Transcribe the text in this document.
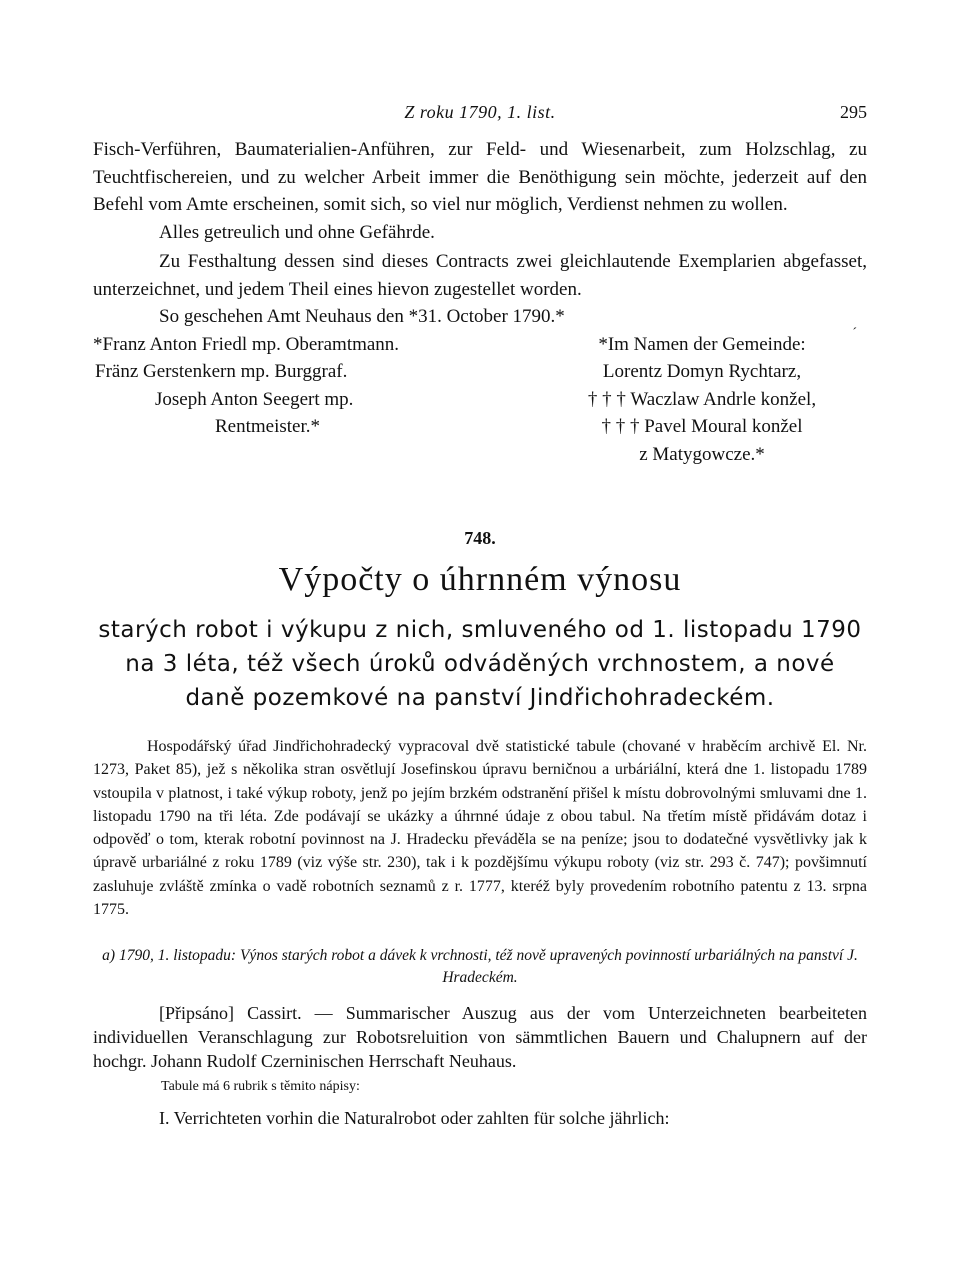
Z roku 1790, 1. list.	295

Fisch-Verführen, Baumaterialien-Anführen, zur Feld- und Wiesenarbeit, zum Holzschlag, zu Teuchtfischereien, und zu welcher Arbeit immer die Benöthigung sein möchte, jederzeit auf den Befehl vom Amte erscheinen, somit sich, so viel nur möglich, Verdienst nehmen zu wollen.

Alles getreulich und ohne Gefährde.

Zu Festhaltung dessen sind dieses Contracts zwei gleichlautende Exemplarien abgefasset, unterzeichnet, und jedem Theil eines hievon zugestellet worden.

So geschehen Amt Neuhaus den *31. October 1790.*

´
*Franz Anton Friedl mp. Oberamtmann.
Fränz Gerstenkern mp. Burggraf.
Joseph Anton Seegert mp.
Rentmeister.*
*Im Namen der Gemeinde:
Lorentz Domyn Rychtarz,
† † † Waczlaw Andrle konžel,
† † † Pavel Moural konžel
z Matygowcze.*
748.
Výpočty o úhrnném výnosu
starých robot i výkupu z nich, smluveného od 1. listopadu 1790
na 3 léta, též všech úroků odváděných vrchnostem, a nové
daně pozemkové na panství Jindřichohradeckém.

Hospodářský úřad Jindřichohradecký vypracoval dvě statistické tabule (chované v hraběcím archivě El. Nr. 1273, Paket 85), jež s několika stran osvětlují Josefinskou úpravu berničnou a urbáriální, která dne 1. listopadu 1789 vstoupila v platnost, i také výkup roboty, jenž po jejím brzkém odstranění přišel k místu dobrovolnými smluvami dne 1. listopadu 1790 na tři léta. Zde podávají se ukázky a úhrnné údaje z obou tabul. Na třetím místě přidávám dotaz i odpověď o tom, kterak robotní povinnost na J. Hradecku převáděla se na peníze; jsou to dodatečné vysvětlivky jak k úpravě urbariálné z roku 1789 (viz výše str. 230), tak i k pozdějšímu výkupu roboty (viz str. 293 č. 747); povšimnutí zasluhuje zvláště zmínka o vadě robotních seznamů z r. 1777, kteréž byly provedením robotního patentu z 13. srpna 1775.

a) 1790, 1. listopadu: Výnos starých robot a dávek k vrchnosti, též nově upravených povinností urbariálných na panství J. Hradeckém.

[Připsáno] Cassirt. — Summarischer Auszug aus der vom Unterzeichneten bearbeiteten individuellen Veranschlagung zur Robotsreluition von sämmtlichen Bauern und Chalupnern auf der hochgr. Johann Rudolf Czerninischen Herrschaft Neuhaus.

Tabule má 6 rubrik s těmito nápisy:
I. Verrichteten vorhin die Naturalrobot oder zahlten für solche jährlich:
